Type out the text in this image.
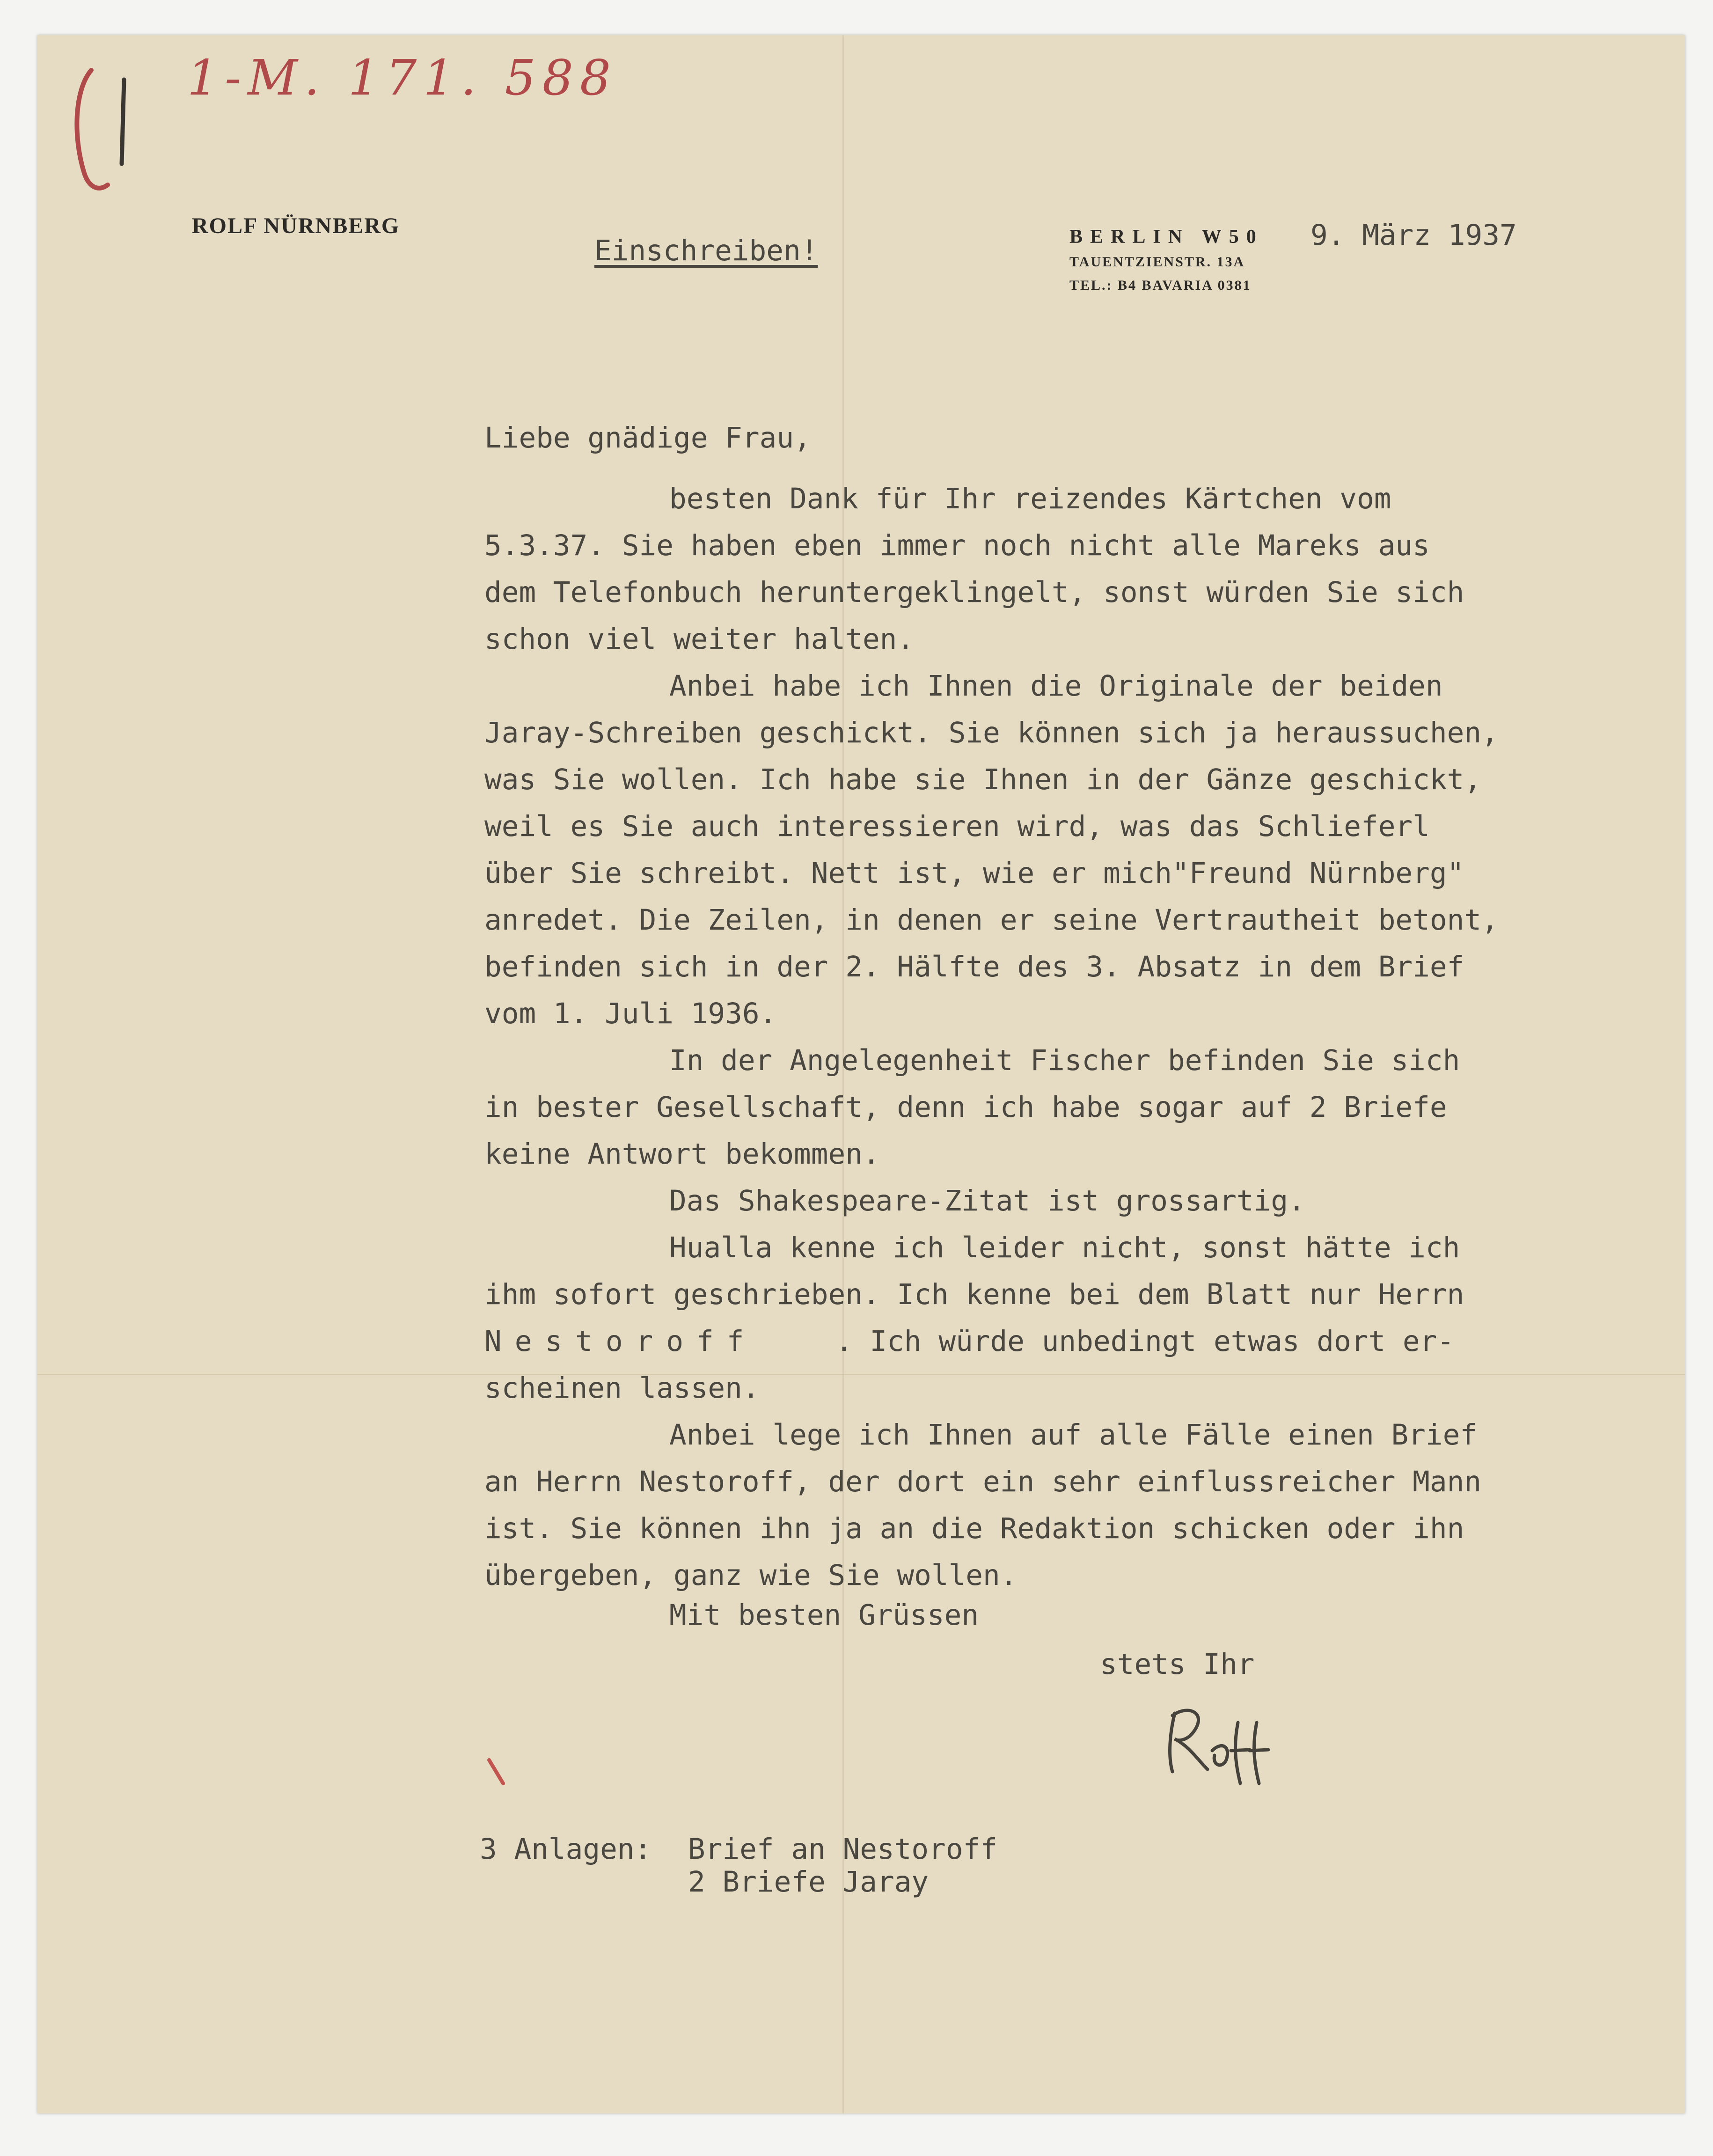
1-M. 171. 588
ROLF NÜRNBERG	BERLIN W50
TAUENTZIENSTR. 13A
TEL.: B4 BAVARIA 0381
Einschreiben!	9. März 1937
Liebe gnädige Frau,
besten Dank für Ihr reizendes Kärtchen vom
5.3.37. Sie haben eben immer noch nicht alle Mareks aus
dem Telefonbuch heruntergeklingelt, sonst würden Sie sich
schon viel weiter halten.
Anbei habe ich Ihnen die Originale der beiden
Jaray-Schreiben geschickt. Sie können sich ja heraussuchen,
was Sie wollen. Ich habe sie Ihnen in der Gänze geschickt,
weil es Sie auch interessieren wird, was das Schlieferl
über Sie schreibt. Nett ist, wie er mich"Freund Nürnberg"
anredet. Die Zeilen, in denen er seine Vertrautheit betont,
befinden sich in der 2. Hälfte des 3. Absatz in dem Brief
vom 1. Juli 1936.
In der Angelegenheit Fischer befinden Sie sich
in bester Gesellschaft, denn ich habe sogar auf 2 Briefe
keine Antwort bekommen.
Das Shakespeare-Zitat ist grossartig.
Hualla kenne ich leider nicht, sonst hätte ich
ihm sofort geschrieben. Ich kenne bei dem Blatt nur Herrn
Nestoroff	. Ich würde unbedingt etwas dort er-
scheinen lassen.
Anbei lege ich Ihnen auf alle Fälle einen Brief
an Herrn Nestoroff, der dort ein sehr einflussreicher Mann
ist. Sie können ihn ja an die Redaktion schicken oder ihn
übergeben, ganz wie Sie wollen.
Mit besten Grüssen
stets Ihr
3 Anlagen: Brief an Nestoroff
2 Briefe Jaray
